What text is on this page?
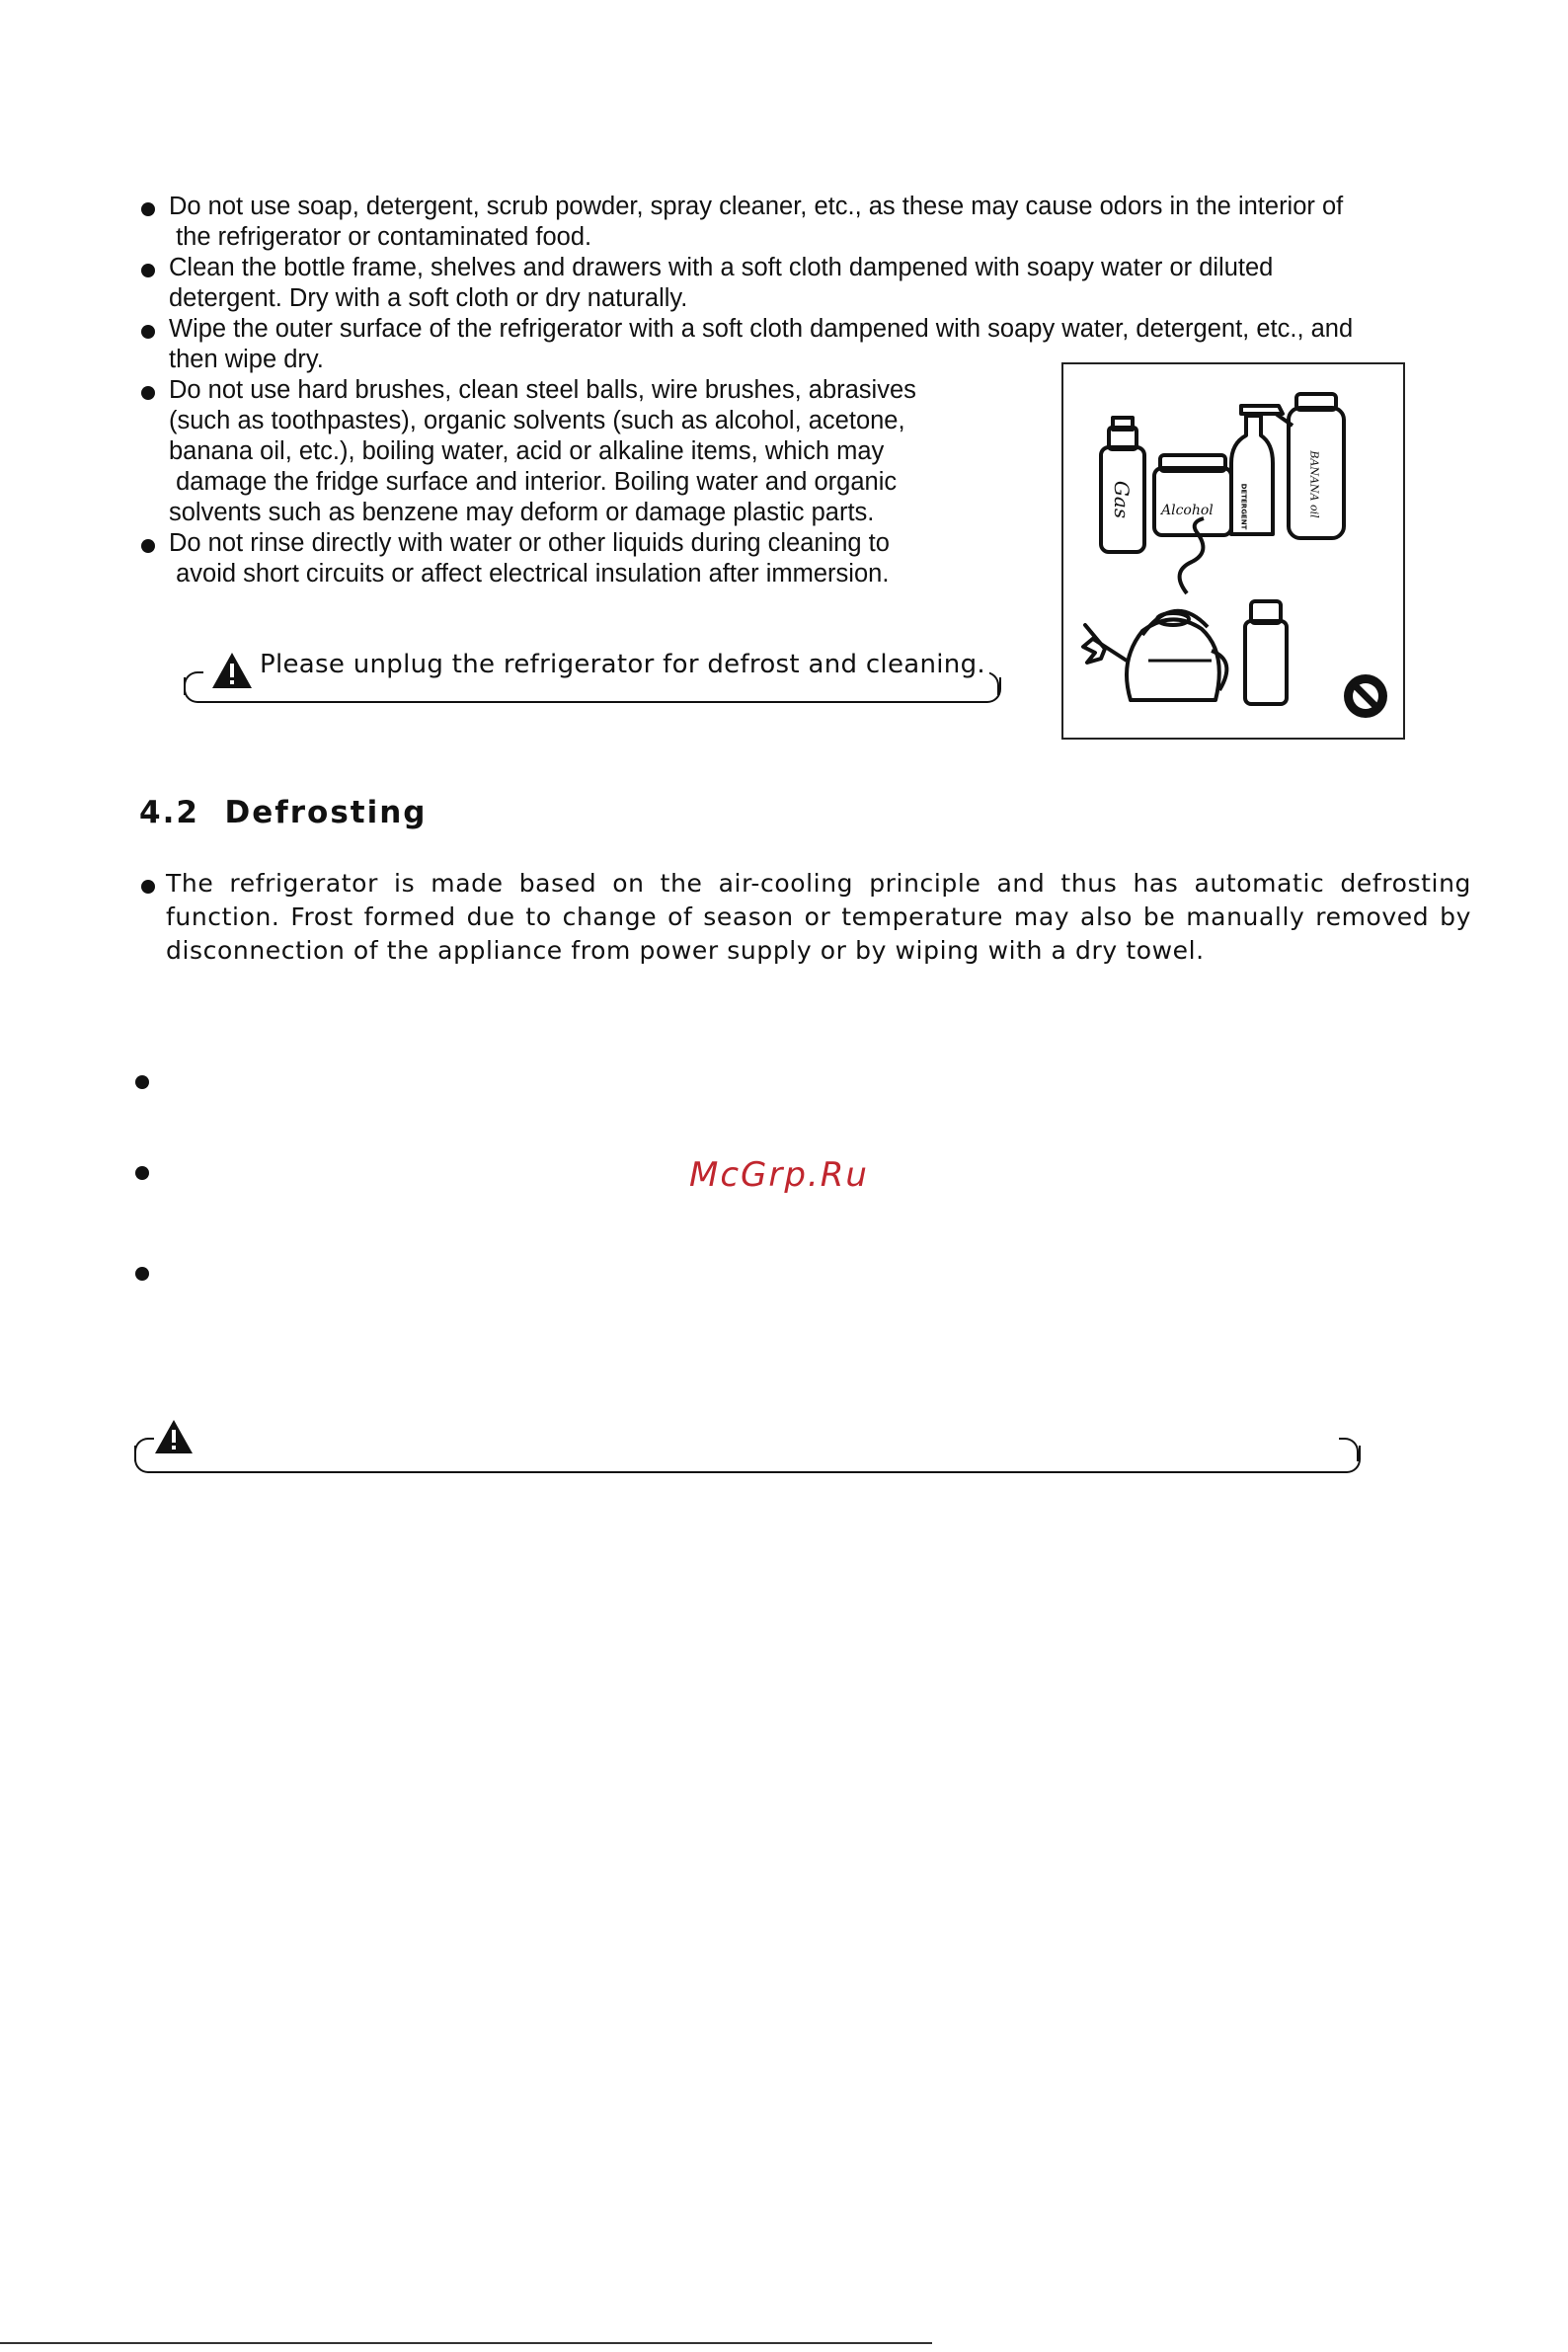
Do not use soap, detergent, scrub powder, spray cleaner, etc., as these may cause odors in the interior of
the refrigerator or contaminated food.

Clean the bottle frame, shelves and drawers with a soft cloth dampened with soapy water or diluted
detergent. Dry with a soft cloth or dry naturally.

Wipe the outer surface of the refrigerator with a soft cloth dampened with soapy water, detergent, etc., and
then wipe dry.

Do not use hard brushes, clean steel balls, wire brushes, abrasives
(such as toothpastes), organic solvents (such as alcohol, acetone,
banana oil, etc.), boiling water, acid or alkaline items, which may
damage the fridge surface and interior. Boiling water and organic
solvents such as benzene may deform or damage plastic parts.

Do not rinse directly with water or other liquids during cleaning to
avoid short circuits or affect electrical insulation after immersion.

Please unplug the refrigerator for defrost and cleaning.
Gas Alcohol	DETERGENT	BANANA oil
4.2  Defrosting

The refrigerator is made based on the air-cooling principle and thus has automatic defrosting function. Frost formed due to change of season or temperature may also be manually removed by disconnection of the appliance from power supply or by wiping with a dry towel.

McGrp.Ru
